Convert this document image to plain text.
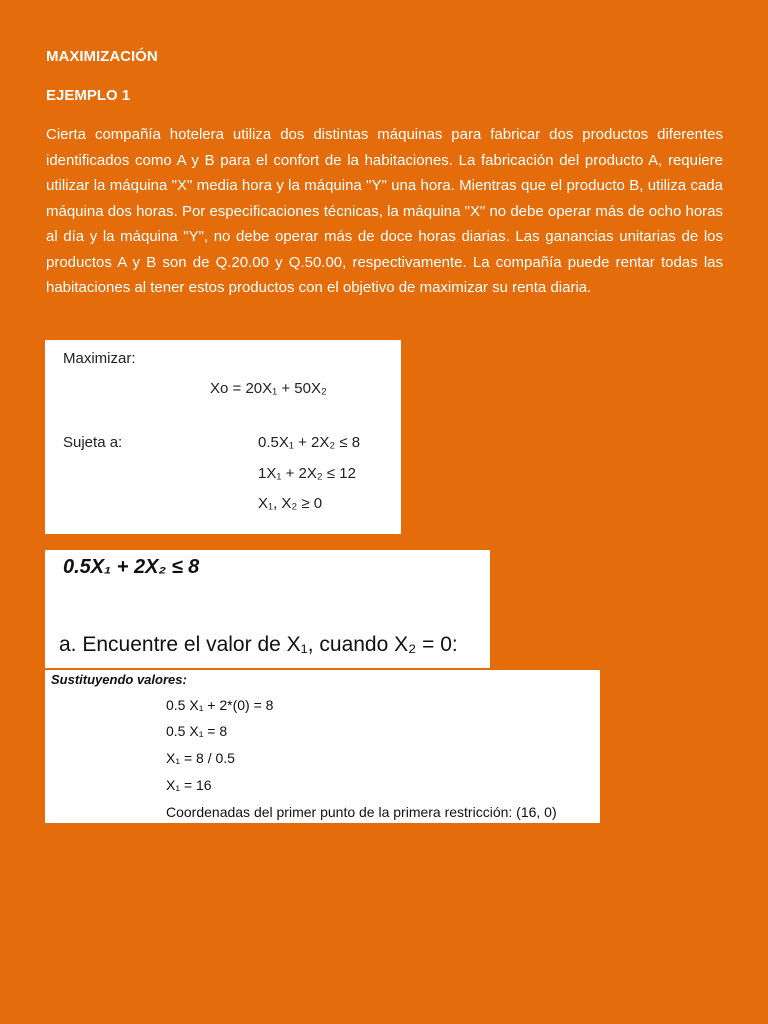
MAXIMIZACIÓN
EJEMPLO 1

Cierta compañía hotelera utiliza dos distintas máquinas para fabricar dos productos diferentes identificados como A y B para el confort de la habitaciones. La fabricación del producto A, requiere utilizar la máquina "X" media hora y la máquina "Y" una hora. Mientras que el producto B, utiliza cada máquina dos horas. Por especificaciones técnicas, la máquina "X" no debe operar más de ocho horas al día y la máquina "Y", no debe operar más de doce horas diarias. Las ganancias unitarias de los productos A y B son de Q.20.00 y Q.50.00, respectivamente. La compañía puede rentar todas las habitaciones al tener estos productos con el objetivo de maximizar su renta diaria.

Maximizar:
Xo = 20X₁ + 50X₂
Sujeta a:	0.5X₁ + 2X₂ ≤ 8
1X₁ + 2X₂ ≤ 12
X₁, X₂ ≥ 0
0.5X₁ + 2X₂ ≤ 8
a. Encuentre el valor de X₁, cuando X₂ = 0:
Sustituyendo valores:
0.5 X₁ + 2*(0) = 8
0.5 X₁ = 8
X₁ = 8 / 0.5
X₁ = 16
Coordenadas del primer punto de la primera restricción: (16, 0)
